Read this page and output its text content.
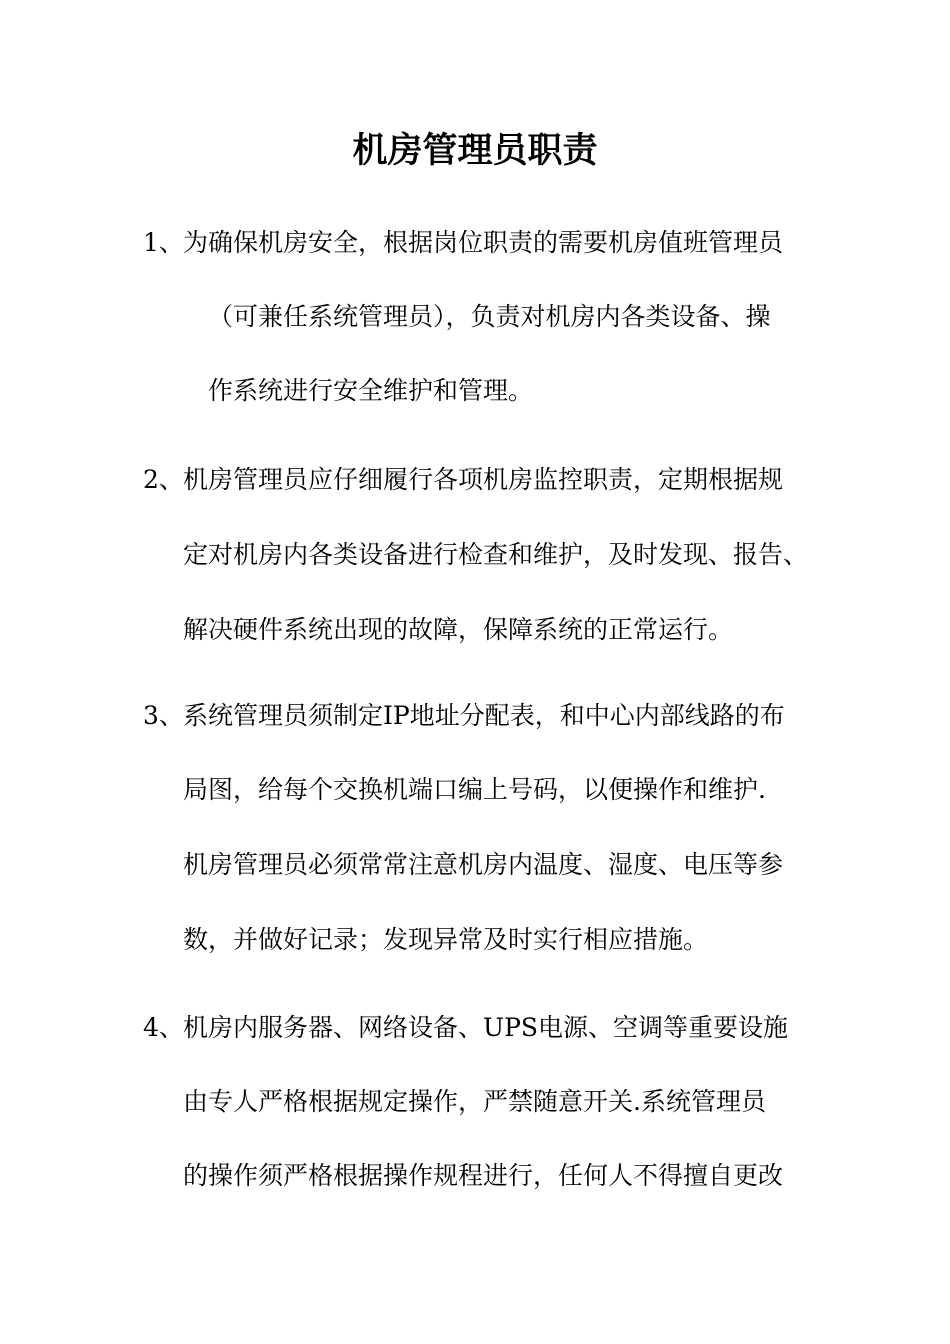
机房管理员职责
1、 为确保机房安全，根据岗位职责的需要机房值班管理员

（可兼任系统管理员），负责对机房内各类设备、操

作系统进行安全维护和管理。

2、 机房管理员应仔细履行各项机房监控职责，定期根据规

定对机房内各类设备进行检查和维护，及时发现、报告、

解决硬件系统出现的故障，保障系统的正常运行。

3、 系统管理员须制定IP地址分配表，和中心内部线路的布

局图，给每个交换机端口编上号码，以便操作和维护.

机房管理员必须常常注意机房内温度、湿度、电压等参

数，并做好记录；发现异常及时实行相应措施。

4、 机房内服务器、网络设备、UPS电源、空调等重要设施

由专人严格根据规定操作，严禁随意开关.系统管理员

的操作须严格根据操作规程进行，任何人不得擅自更改
